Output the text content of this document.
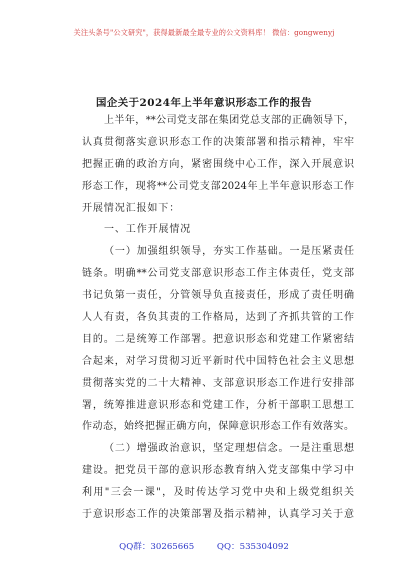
关注头条号"公文研究"，获得最新最全最专业的公文资料库！ 微信：gongwenyj
国企关于2024年上半年意识形态工作的报告
上半年，**公司党支部在集团党总支部的正确领导下，
认真贯彻落实意识形态工作的决策部署和指示精神，牢牢
把握正确的政治方向，紧密围绕中心工作，深入开展意识
形态工作，现将**公司党支部2024年上半年意识形态工作
开展情况汇报如下：
一、工作开展情况
（一）加强组织领导，夯实工作基础。一是压紧责任
链条。明确**公司党支部意识形态工作主体责任，党支部
书记负第一责任，分管领导负直接责任，形成了责任明确
人人有责，各负其责的工作格局，达到了齐抓共管的工作
目的。二是统筹工作部署。把意识形态和党建工作紧密结
合起来，对学习贯彻习近平新时代中国特色社会主义思想
贯彻落实党的二十大精神、支部意识形态工作进行安排部
署，统筹推进意识形态和党建工作，分析干部职工思想工
作动态，始终把握正确方向，保障意识形态工作有效落实。
（二）增强政治意识，坚定理想信念。一是注重思想
建设。把党员干部的意识形态教育纳入党支部集中学习中
利用"三会一课"，及时传达学习党中央和上级党组织关
于意识形态工作的决策部署及指示精神，认真学习关于意
QQ群：30265665	QQ：535304092
